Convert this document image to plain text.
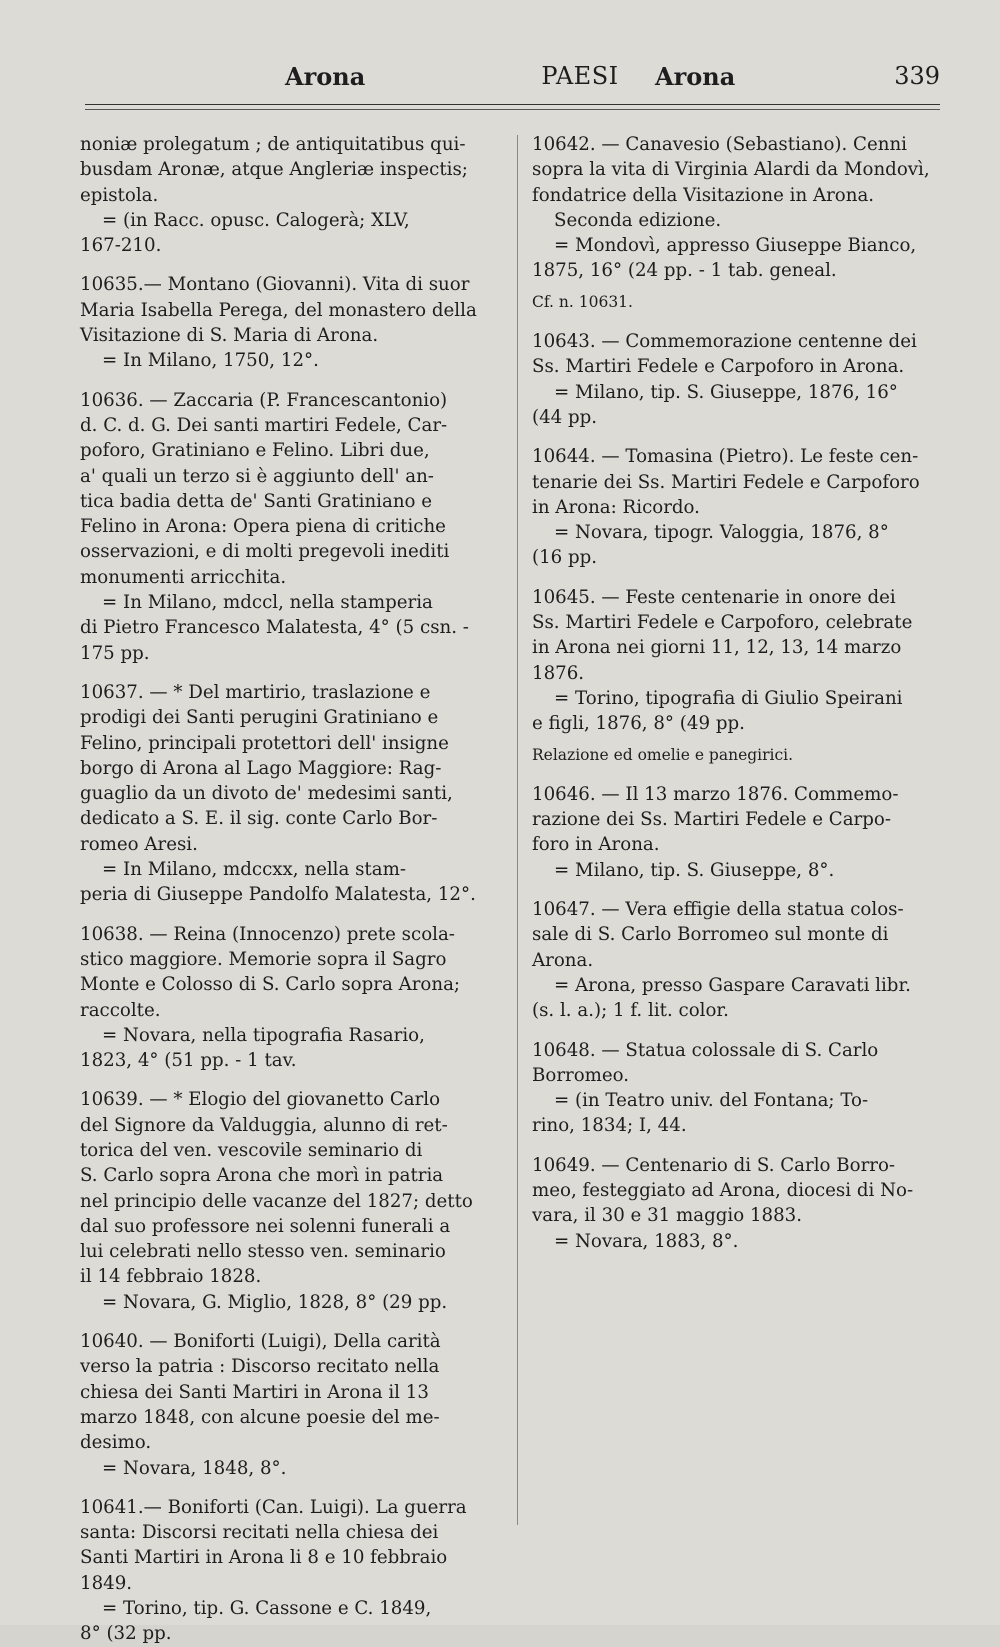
Arona	PAESI	Arona	339
noniæ prolegatum ; de antiquitatibus qui-
busdam Aronæ, atque Angleriæ inspectis;
epistola.
= (in Racc. opusc. Calogerà; XLV,
167-210.
10635.— Montano (Giovanni). Vita di suor
Maria Isabella Perega, del monastero della
Visitazione di S. Maria di Arona.
= In Milano, 1750, 12°.
10636. — Zaccaria (P. Francescantonio)
d. C. d. G. Dei santi martiri Fedele, Car-
poforo, Gratiniano e Felino. Libri due,
a' quali un terzo si è aggiunto dell' an-
tica badia detta de' Santi Gratiniano e
Felino in Arona: Opera piena di critiche
osservazioni, e di molti pregevoli inediti
monumenti arricchita.
= In Milano, mdccl, nella stamperia
di Pietro Francesco Malatesta, 4° (5 csn. -
175 pp.
10637. — * Del martirio, traslazione e
prodigi dei Santi perugini Gratiniano e
Felino, principali protettori dell' insigne
borgo di Arona al Lago Maggiore: Rag-
guaglio da un divoto de' medesimi santi,
dedicato a S. E. il sig. conte Carlo Bor-
romeo Aresi.
= In Milano, mdccxx, nella stam-
peria di Giuseppe Pandolfo Malatesta, 12°.
10638. — Reina (Innocenzo) prete scola-
stico maggiore. Memorie sopra il Sagro
Monte e Colosso di S. Carlo sopra Arona;
raccolte.
= Novara, nella tipografia Rasario,
1823, 4° (51 pp. - 1 tav.
10639. — * Elogio del giovanetto Carlo
del Signore da Valduggia, alunno di ret-
torica del ven. vescovile seminario di
S. Carlo sopra Arona che morì in patria
nel principio delle vacanze del 1827; detto
dal suo professore nei solenni funerali a
lui celebrati nello stesso ven. seminario
il 14 febbraio 1828.
= Novara, G. Miglio, 1828, 8° (29 pp.
10640. — Boniforti (Luigi), Della carità
verso la patria : Discorso recitato nella
chiesa dei Santi Martiri in Arona il 13
marzo 1848, con alcune poesie del me-
desimo.
= Novara, 1848, 8°.
10641.— Boniforti (Can. Luigi). La guerra
santa: Discorsi recitati nella chiesa dei
Santi Martiri in Arona li 8 e 10 febbraio
1849.
= Torino, tip. G. Cassone e C. 1849,
8° (32 pp.
10642. — Canavesio (Sebastiano). Cenni
sopra la vita di Virginia Alardi da Mondovì,
fondatrice della Visitazione in Arona.
Seconda edizione.
= Mondovì, appresso Giuseppe Bianco,
1875, 16° (24 pp. - 1 tab. geneal.
Cf. n. 10631.
10643. — Commemorazione centenne dei
Ss. Martiri Fedele e Carpoforo in Arona.
= Milano, tip. S. Giuseppe, 1876, 16°
(44 pp.
10644. — Tomasina (Pietro). Le feste cen-
tenarie dei Ss. Martiri Fedele e Carpoforo
in Arona: Ricordo.
= Novara, tipogr. Valoggia, 1876, 8°
(16 pp.
10645. — Feste centenarie in onore dei
Ss. Martiri Fedele e Carpoforo, celebrate
in Arona nei giorni 11, 12, 13, 14 marzo
1876.
= Torino, tipografia di Giulio Speirani
e figli, 1876, 8° (49 pp.
Relazione ed omelie e panegirici.
10646. — Il 13 marzo 1876. Commemo-
razione dei Ss. Martiri Fedele e Carpo-
foro in Arona.
= Milano, tip. S. Giuseppe, 8°.
10647. — Vera effigie della statua colos-
sale di S. Carlo Borromeo sul monte di
Arona.
= Arona, presso Gaspare Caravati libr.
(s. l. a.); 1 f. lit. color.
10648. — Statua colossale di S. Carlo
Borromeo.
= (in Teatro univ. del Fontana; To-
rino, 1834; I, 44.
10649. — Centenario di S. Carlo Borro-
meo, festeggiato ad Arona, diocesi di No-
vara, il 30 e 31 maggio 1883.
= Novara, 1883, 8°.
